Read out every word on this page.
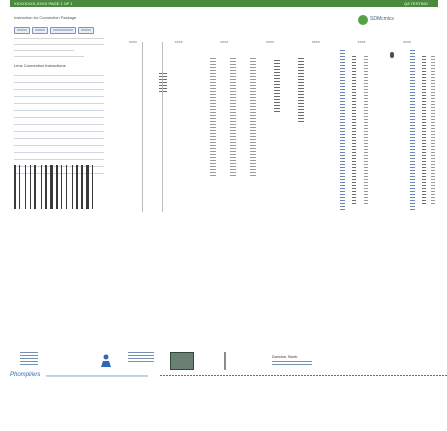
XXXXXXXX-XXXX PAGE 1 OF 1	QA TESTING
SDMcmics
Instruction for Connection Package
XXXXX	XXXXX	XXXXXXXXXX	XXXXX
Lens Connection Instructions
XXXX	XXXX	XXXX	XXXX	XXXX	XXXX	XXXX
Dondon. Bonk
Phompl/ers XXXXXXXXXXXXXXXXXXXXXXXXXXXXXXXXXXXXXXXXXXXXXXXXXXX
